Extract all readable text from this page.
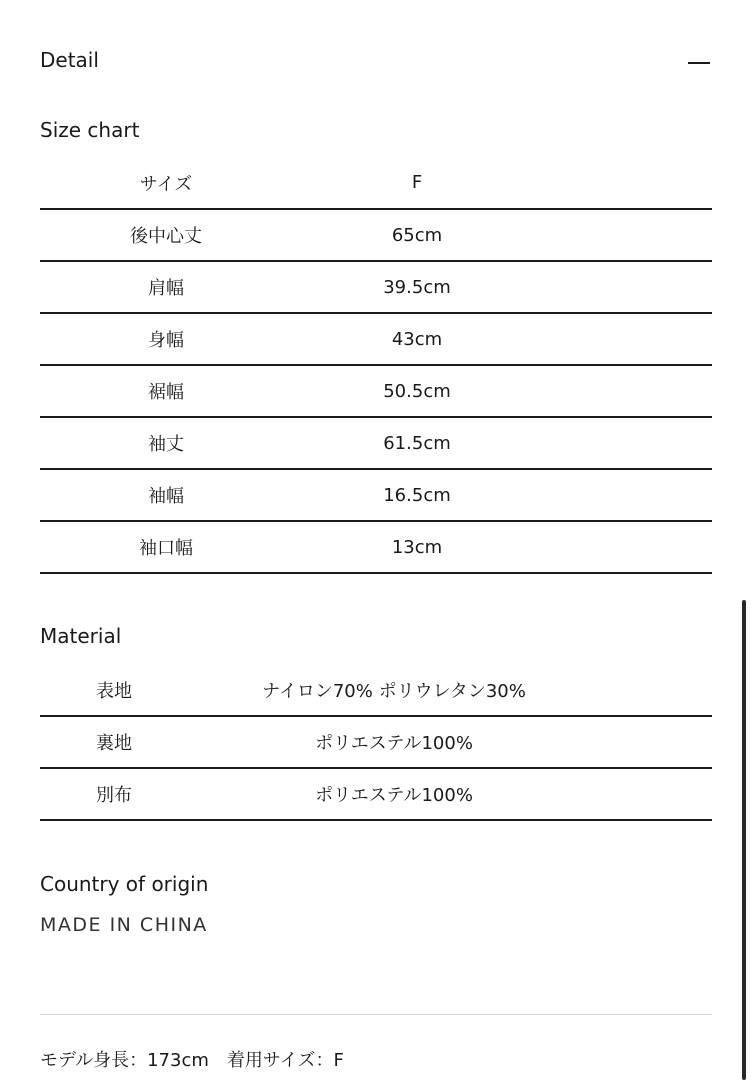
Detail
Size chart
サイズ	F
後中心丈	65cm
肩幅	39.5cm
身幅	43cm
裾幅	50.5cm
袖丈	61.5cm
袖幅	16.5cm
袖口幅	13cm
Material
表地	ナイロン70% ポリウレタン30%
裏地	ポリエステル100%
別布	ポリエステル100%
Country of origin
MADE IN CHINA
モデル身長：173cm　着用サイズ：F
